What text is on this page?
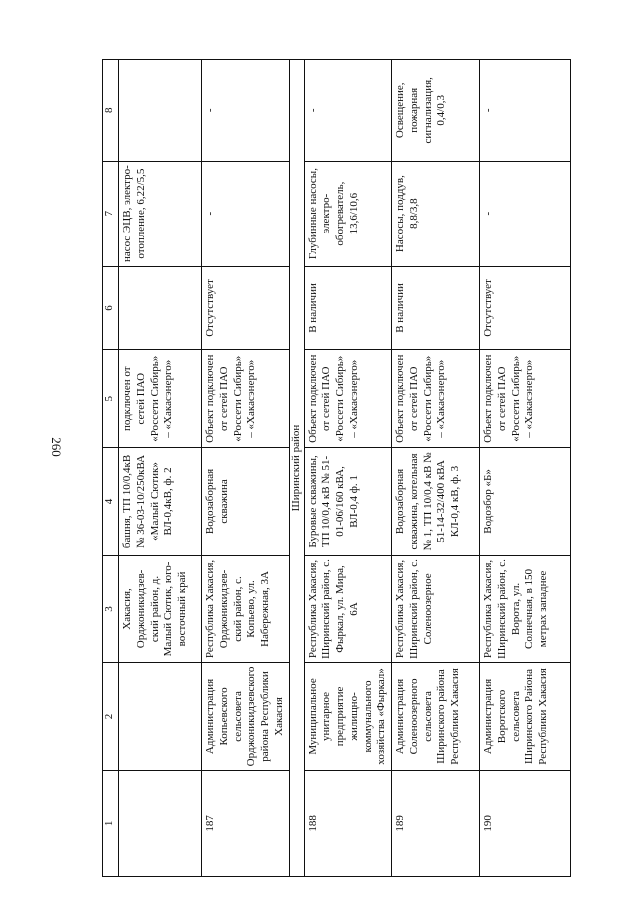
260
1	2	3	4	5	6	7	8
		Хакасия, Орджоникидзев-ский район, д. Малый Сютик, юго-восточный край	башня, ТП 10/0,4кВ № 36-03-10/250кВА «Малый Сютик» ВЛ-0,4кВ, ф. 2	подключен от сетей ПАО «Россети Сибирь» – «Хакасэнерго»		насос ЭЦВ, электро-отопление, 6,22/5,5	
187	Администрация Копьевского сельсовета Орджоникидзевского района Республики Хакасия	Республика Хакасия, Орджоникидзев-ский район, с. Копьево, ул. Набережная, 3А	Водозаборная скважина	Объект подключен от сетей ПАО «Россети Сибирь» – «Хакасэнерго»	Отсутствует	-	-
Ширинский район							
188	Муниципальное унитарное предприятие жилищно-коммунального хозяйства «Фыркал»	Республика Хакасия, Ширинский район, с. Фыркал, ул. Мира, 6А	Буровые скважины, ТП 10/0,4 кВ № 51-01-06/160 кВА, ВЛ-0,4 ф. 1	Объект подключен от сетей ПАО «Россети Сибирь» – «Хакасэнерго»	В наличии	Глубинные насосы, электро-обогреватель, 13,6/10,6	-
189	Администрация Соленоозерного сельсовета Ширинского района Республики Хакасия	Республика Хакасия, Ширинский район, с. Соленоозерное	Водозаборная скважина, котельная № 1, ТП 10/0,4 кВ № 51-14-32/400 кВА КЛ-0,4 кВ, ф. 3	Объект подключен от сетей ПАО «Россети Сибирь» – «Хакасэнерго»	В наличии	Насосы, поддув, 8,8/3,8	Освещение, пожарная сигнализация, 0,4/0,3
190	Администрация Воротского сельсовета Ширинского Района Республики Хакасия	Республика Хакасия, Ширинский район, с. Ворота, ул. Солнечная, в 150 метрах западнее	Водозбор «Б»	Объект подключен от сетей ПАО «Россети Сибирь» – «Хакасэнерго»	Отсутствует	-	-
